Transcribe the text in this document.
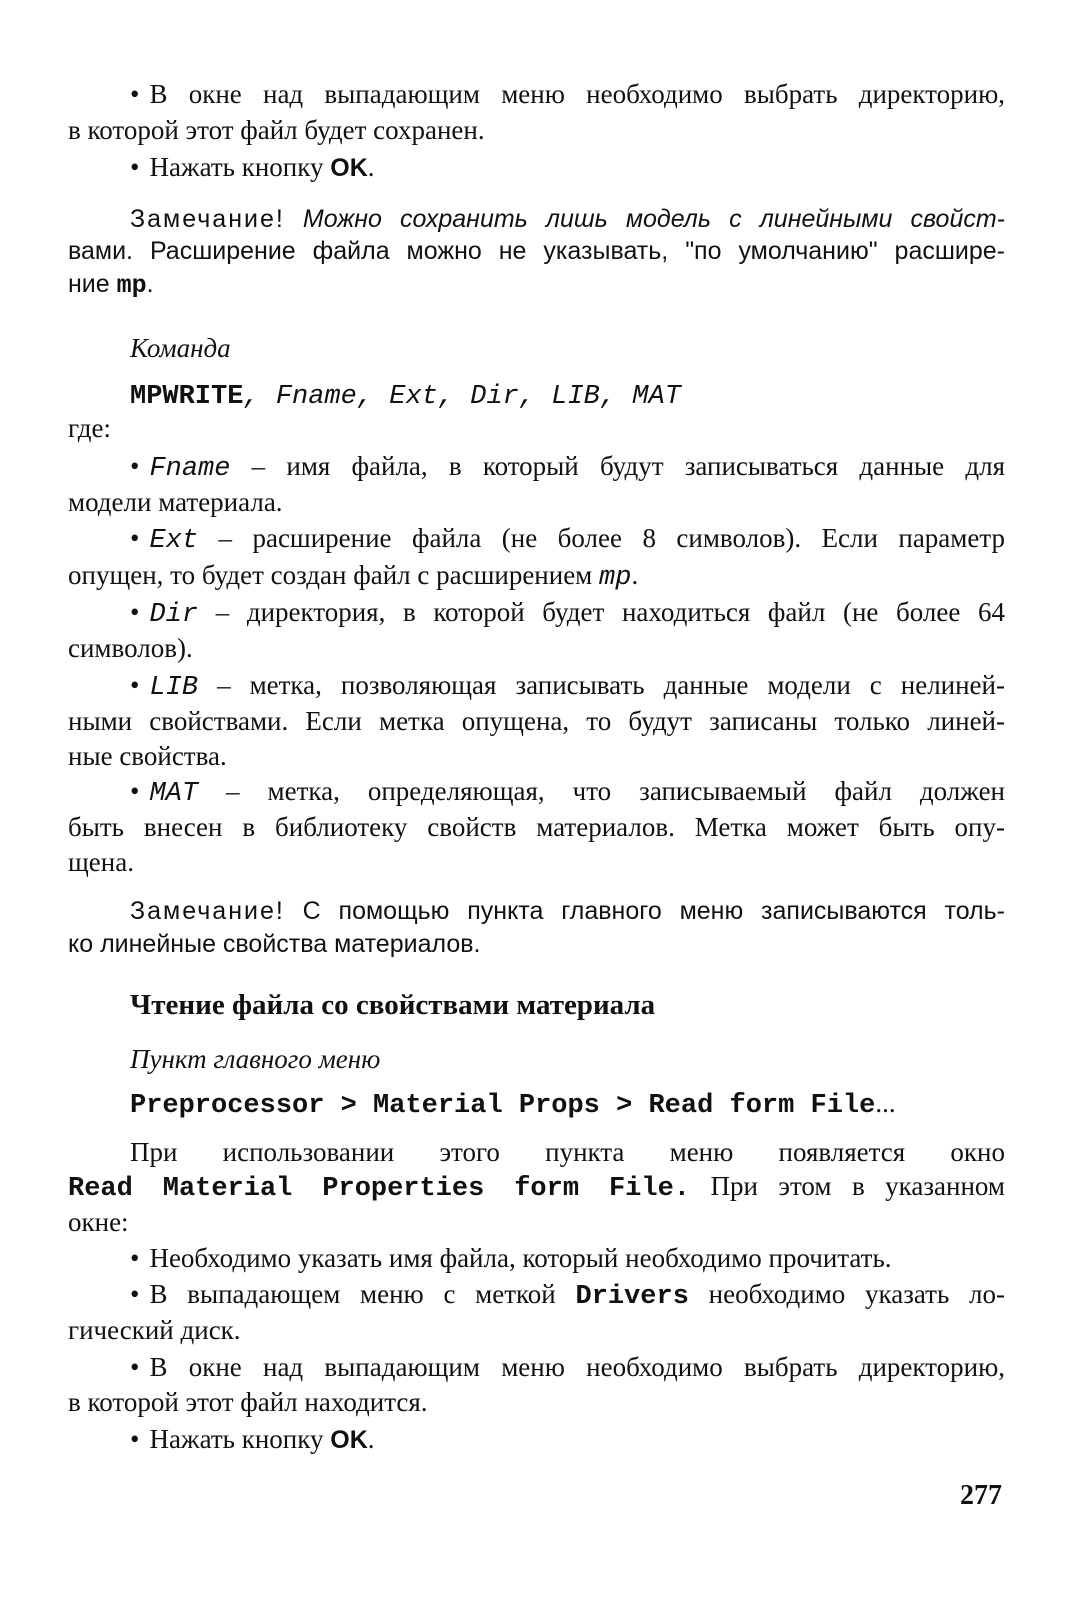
• В окне над выпадающим меню необходимо выбрать директорию,
в которой этот файл будет сохранен.
• Нажать кнопку OK.
Замечание! Можно сохранить лишь модель с линейными свойст-
вами. Расширение файла можно не указывать, "по умолчанию" расшире-
ние mp.
Команда
MPWRITE, Fname, Ext, Dir, LIB, MAT
где:
• Fname – имя файла, в который будут записываться данные для
модели материала.
• Ext – расширение файла (не более 8 символов). Если параметр
опущен, то будет создан файл с расширением mp.
• Dir – директория, в которой будет находиться файл (не более 64
символов).
• LIB – метка, позволяющая записывать данные модели с нелиней-
ными свойствами. Если метка опущена, то будут записаны только линей-
ные свойства.
• MAT – метка, определяющая, что записываемый файл должен
быть внесен в библиотеку свойств материалов. Метка может быть опу-
щена.
Замечание! С помощью пункта главного меню записываются толь-
ко линейные свойства материалов.
Чтение файла со свойствами материала
Пункт главного меню
Preprocessor > Material Props > Read form File...
При использовании этого пункта меню появляется окно
Read Material Properties form File. При этом в указанном
окне:
• Необходимо указать имя файла, который необходимо прочитать.
• В выпадающем меню с меткой Drivers необходимо указать ло-
гический диск.
• В окне над выпадающим меню необходимо выбрать директорию,
в которой этот файл находится.
• Нажать кнопку OK.
277
